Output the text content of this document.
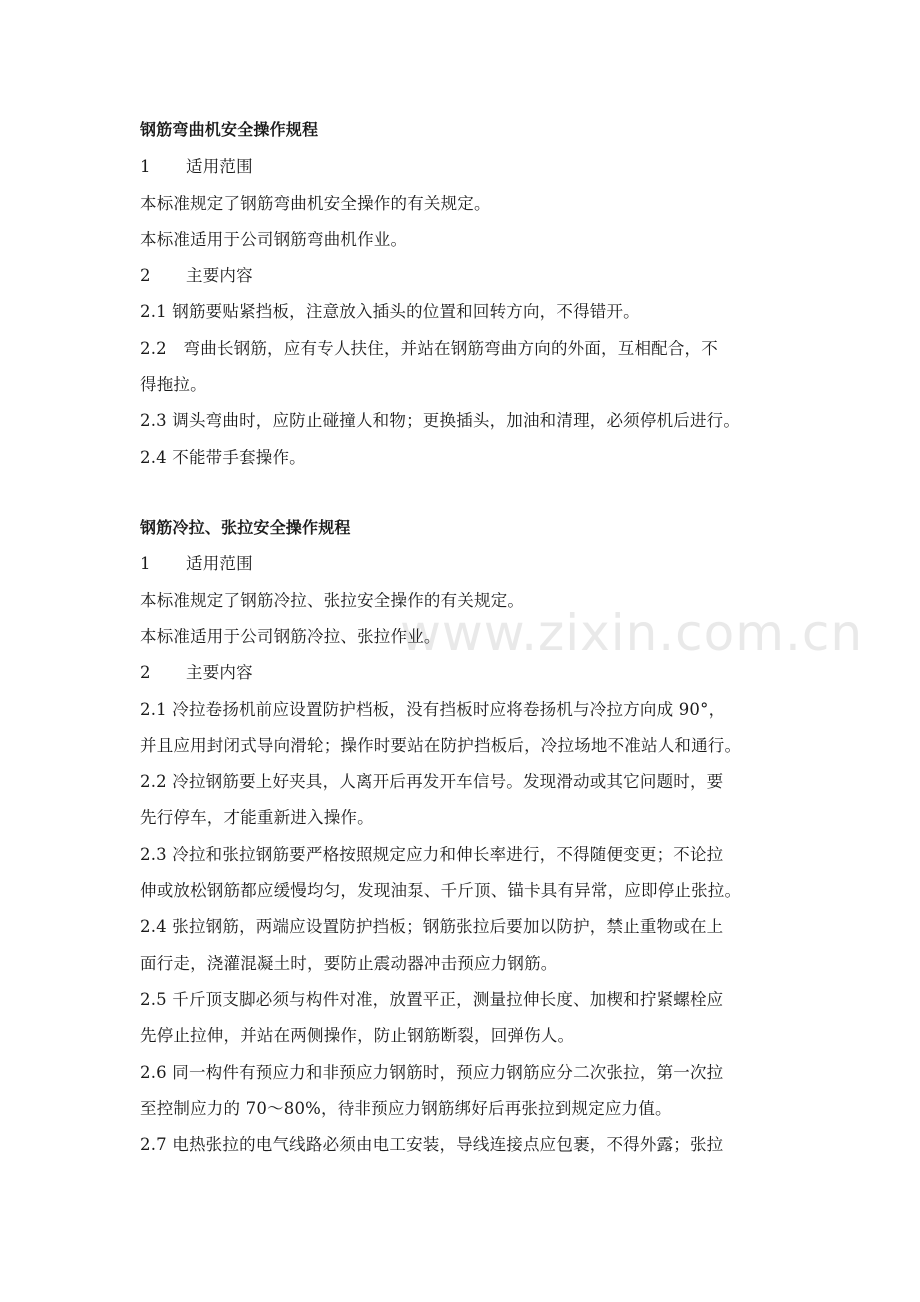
www.zixin.com.cn
钢筋弯曲机安全操作规程
1 适用范围
本标准规定了钢筋弯曲机安全操作的有关规定。
本标准适用于公司钢筋弯曲机作业。
2 主要内容
2.1 钢筋要贴紧挡板，注意放入插头的位置和回转方向，不得错开。
2.2　弯曲长钢筋，应有专人扶住，并站在钢筋弯曲方向的外面，互相配合，不
得拖拉。
2.3 调头弯曲时，应防止碰撞人和物；更换插头，加油和清理，必须停机后进行。
2.4 不能带手套操作。
钢筋冷拉、张拉安全操作规程
1 适用范围
本标准规定了钢筋冷拉、张拉安全操作的有关规定。
本标准适用于公司钢筋冷拉、张拉作业。
2 主要内容
2.1 冷拉卷扬机前应设置防护档板，没有挡板时应将卷扬机与冷拉方向成 90°，
并且应用封闭式导向滑轮；操作时要站在防护挡板后，冷拉场地不准站人和通行。
2.2 冷拉钢筋要上好夹具，人离开后再发开车信号。发现滑动或其它问题时，要
先行停车，才能重新进入操作。
2.3 冷拉和张拉钢筋要严格按照规定应力和伸长率进行，不得随便变更；不论拉
伸或放松钢筋都应缓慢均匀，发现油泵、千斤顶、锚卡具有异常，应即停止张拉。
2.4 张拉钢筋，两端应设置防护挡板；钢筋张拉后要加以防护，禁止重物或在上
面行走，浇灌混凝土时，要防止震动器冲击预应力钢筋。
2.5 千斤顶支脚必须与构件对准，放置平正，测量拉伸长度、加楔和拧紧螺栓应
先停止拉伸，并站在两侧操作，防止钢筋断裂，回弹伤人。
2.6 同一构件有预应力和非预应力钢筋时，预应力钢筋应分二次张拉，第一次拉
至控制应力的 70～80%，待非预应力钢筋绑好后再张拉到规定应力值。
2.7 电热张拉的电气线路必须由电工安装，导线连接点应包裹，不得外露；张拉
